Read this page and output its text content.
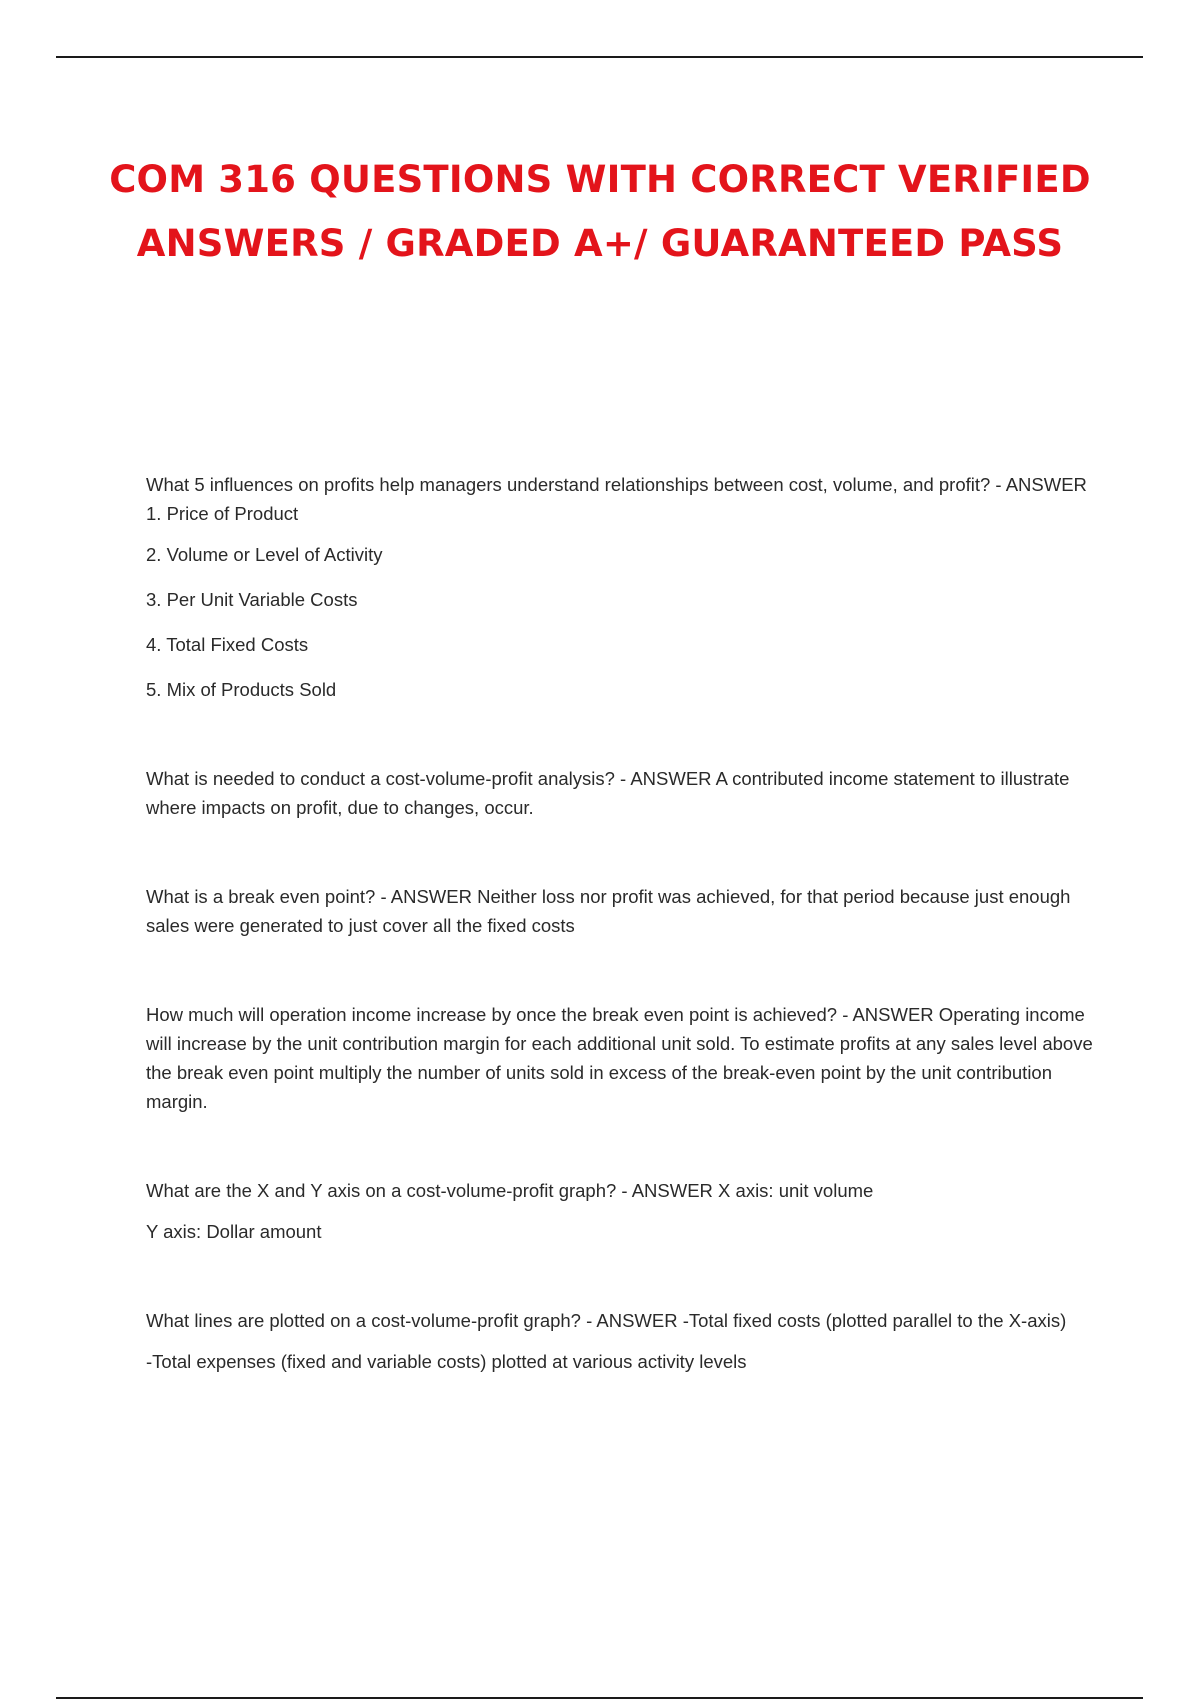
COM 316 QUESTIONS WITH CORRECT VERIFIED
ANSWERS / GRADED A+/ GUARANTEED PASS

What 5 influences on profits help managers understand relationships between cost, volume, and profit? - ANSWER 1. Price of Product

2. Volume or Level of Activity

3. Per Unit Variable Costs

4. Total Fixed Costs

5. Mix of Products Sold

What is needed to conduct a cost-volume-profit analysis? - ANSWER A contributed income statement to illustrate where impacts on profit, due to changes, occur.

What is a break even point? - ANSWER Neither loss nor profit was achieved, for that period because just enough sales were generated to just cover all the fixed costs

How much will operation income increase by once the break even point is achieved? - ANSWER Operating income will increase by the unit contribution margin for each additional unit sold. To estimate profits at any sales level above the break even point multiply the number of units sold in excess of the break-even point by the unit contribution margin.

What are the X and Y axis on a cost-volume-profit graph? - ANSWER X axis: unit volume

Y axis: Dollar amount

What lines are plotted on a cost-volume-profit graph? - ANSWER -Total fixed costs (plotted parallel to the X-axis)

-Total expenses (fixed and variable costs) plotted at various activity levels
